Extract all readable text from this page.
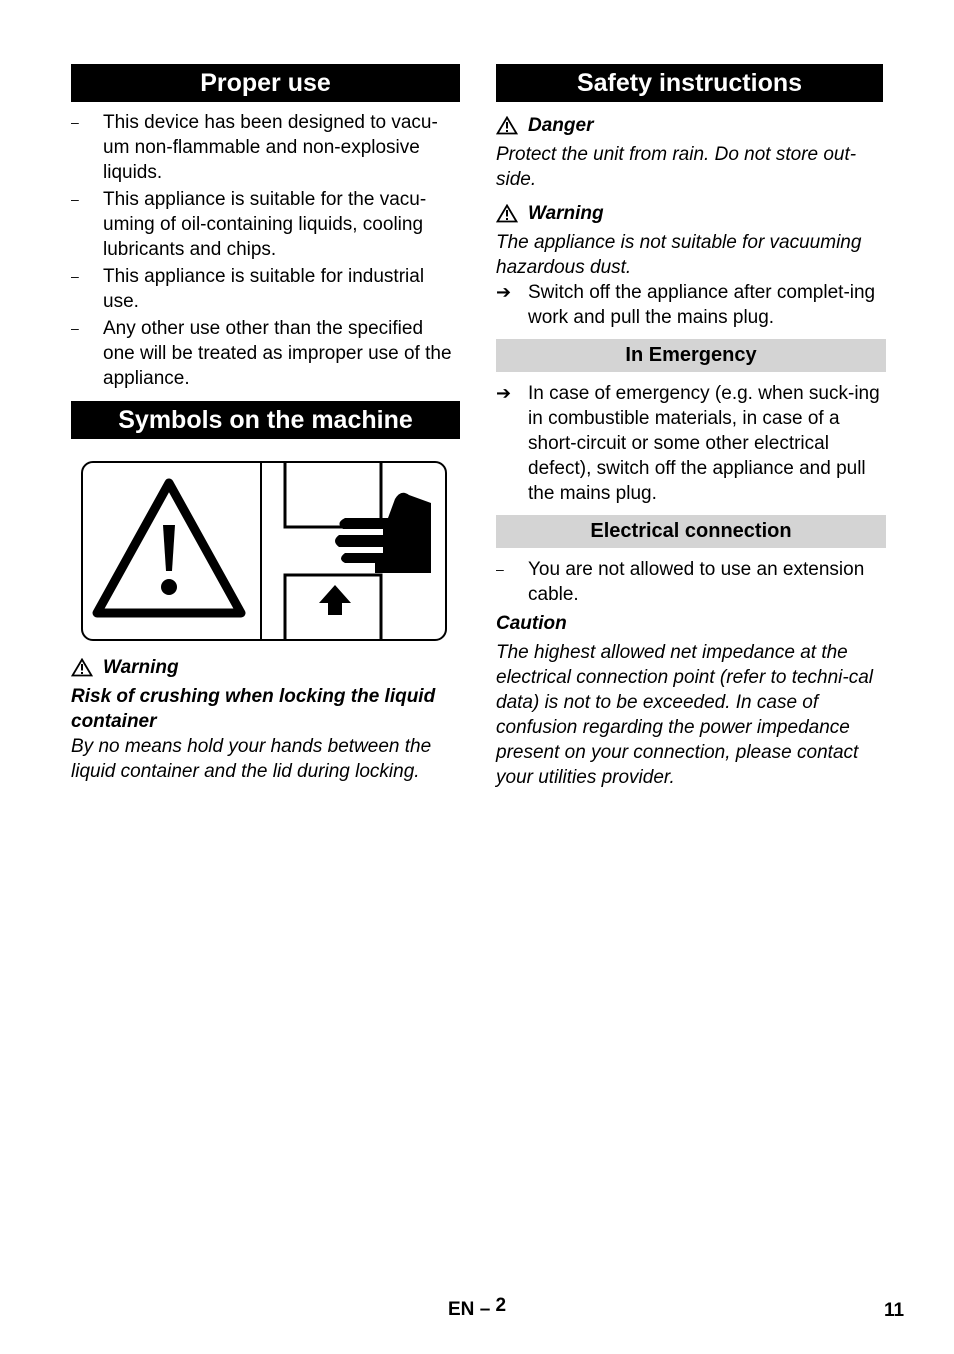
Proper use
–	This device has been designed to vacu-um non-flammable and non-explosive liquids.
–	This appliance is suitable for the vacu-uming of oil-containing liquids, cooling lubricants and chips.
–	This appliance is suitable for industrial use.
–	Any other use other than the specified one will be treated as improper use of the appliance.
Symbols on the machine
Warning

Risk of crushing when locking the liquid container

By no means hold your hands between the liquid container and the lid during locking.

Safety instructions
Danger

Protect the unit from rain. Do not store out-side.

Warning

The appliance is not suitable for vacuuming hazardous dust.

➔ Switch off the appliance after complet-ing work and pull the mains plug.
In Emergency
➔ In case of emergency (e.g. when suck-ing in combustible materials, in case of a short-circuit or some other electrical defect), switch off the appliance and pull the mains plug.
Electrical connection
–	You are not allowed to use an extension cable.

Caution

The highest allowed net impedance at the electrical connection point (refer to techni-cal data) is not to be exceeded. In case of confusion regarding the power impedance present on your connection, please contact your utilities provider.

EN – 2	11
